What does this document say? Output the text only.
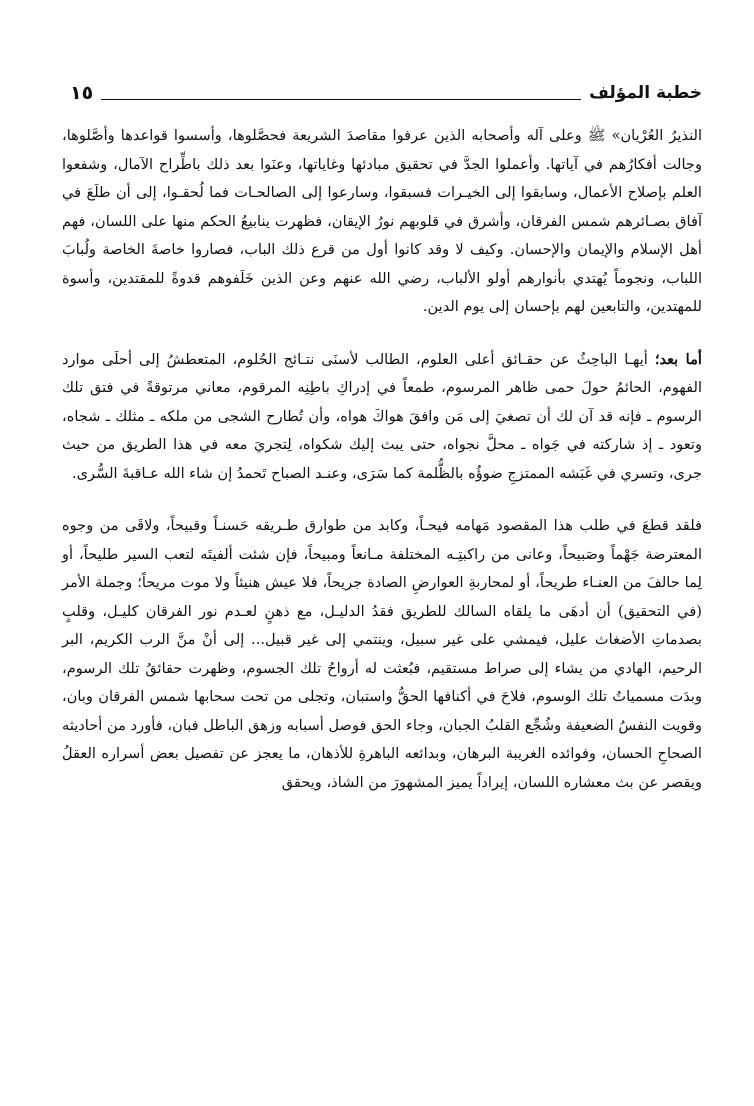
خطبة المؤلف
١٥

النذيرُ العُرْيان» ﷺ وعلى آله وأصحابه الذين عرفوا مقاصدَ الشريعة فحصَّلوها، وأسسوا قواعدها وأصَّلوها، وجالت أفكارُهم في آياتها. وأعملوا الجدَّ في تحقيق مبادئها وغاياتها، وعنَوا بعد ذلك باطِّراح الآمال، وشفعوا العلم بإصلاح الأعمال، وسابقوا إلى الخيـرات فسبقوا، وسارعوا إلى الصالحـات فما لُحقـوا، إلى أن طلَعَ في آفاق بصـائرهم شمس الفرقان، وأشرق في قلوبهم نورُ الإيقان، فظهرت ينابيعُ الحكم منها على اللسان، فهم أهل الإسلام والإيمان والإحسان. وكيف لا وقد كانوا أول من قرع ذلك الباب، فصاروا خاصةَ الخاصة ولُبابَ اللباب، ونجوماً يُهتدي بأنوارهم أولو الألباب، رضي الله عنهم وعن الذين خَلَفوهم قدوةً للمقتدين، وأسوة للمهتدين، والتابعين لهم بإحسان إلى يوم الدين.

أما بعد؛ أيهـا الباحِثُ عن حقـائق أعلى العلوم، الطالب لأسنَى نتـائج الحُلوم، المتعطشُ إلى أحلَى موارد الفهوم، الحائمُ حولَ حمى ظاهر المرسوم، طمعاً في إدراكِ باطِنِه المرقوم، معاني مرتوقةً في فتق تلك الرسوم ـ فإنه قد آن لك أن تصغيَ إلى مَن وافقَ هواكَ هواه، وأن تُطارح الشجى من ملكه ـ مثلك ـ شجاه، وتعود ـ إذ شاركته في جَواه ـ محلَّ نجواه، حتى يبث إليك شكواه، لِتجريَ معه في هذا الطريق من حيث جرى، وتسري في غَبَشه الممتزجِ ضوؤُه بالظُّلمة كما سَرَى، وعنـد الصباح تَحمدُ إن شاء الله عـاقبةَ السُّرى.

فلقد قطعَ في طلب هذا المقصود مَهامه فيحـاً، وكابد من طوارق طـريقه حَسنـاً وقبيحاً، ولاقَى من وجوه المعترضة جَهْماً وصَبيحاً، وعانى من راكبتِـه المختلفة مـانعاً ومبيحاً، فإن شئت ألفيتَه لتعب السير طليحاً، أو لِما حالفَ من العنـاء طريحاً، أو لمحاربةِ العوارضِ الصادة جريحاً، فلا عيش هنيئاً ولا موت مريحاً؛ وجملة الأمر (في التحقيق) أن أدهَى ما يلقاه السالك للطريق فقدُ الدليـل، مع ذهنٍ لعـدم نور الفرقان كليـل، وقلبٍ بصدماتِ الأضغاث عليل، فيمشي على غير سبيل، وينتمي إلى غير قبيل... إلى أنْ منَّ الرب الكريم، البر الرحيم، الهادي من يشاء إلى صراط مستقيم، فبُعثت له أرواحُ تلك الجسوم، وظهرت حقائقُ تلك الرسوم، وبدَت مسمياتُ تلك الوسوم، فلاحَ في أكنافها الحقُّ واستبان، وتجلى من تحت سحابها شمس الفرقان وبان، وقويت النفسُ الضعيفة وشُجِّع القلبُ الجبان، وجاء الحق فوصل أسبابه وزهق الباطل فبان، فأورد من أحاديثه الصحاحِ الحسان، وفوائده الغريبة البرهان، وبدائعه الباهرةِ للأذهان، ما يعجز عن تفصيل بعض أسراره العقلُ ويقصر عن بث معشاره اللسان، إيراداً يميز المشهورَ من الشاذ، ويحقق
